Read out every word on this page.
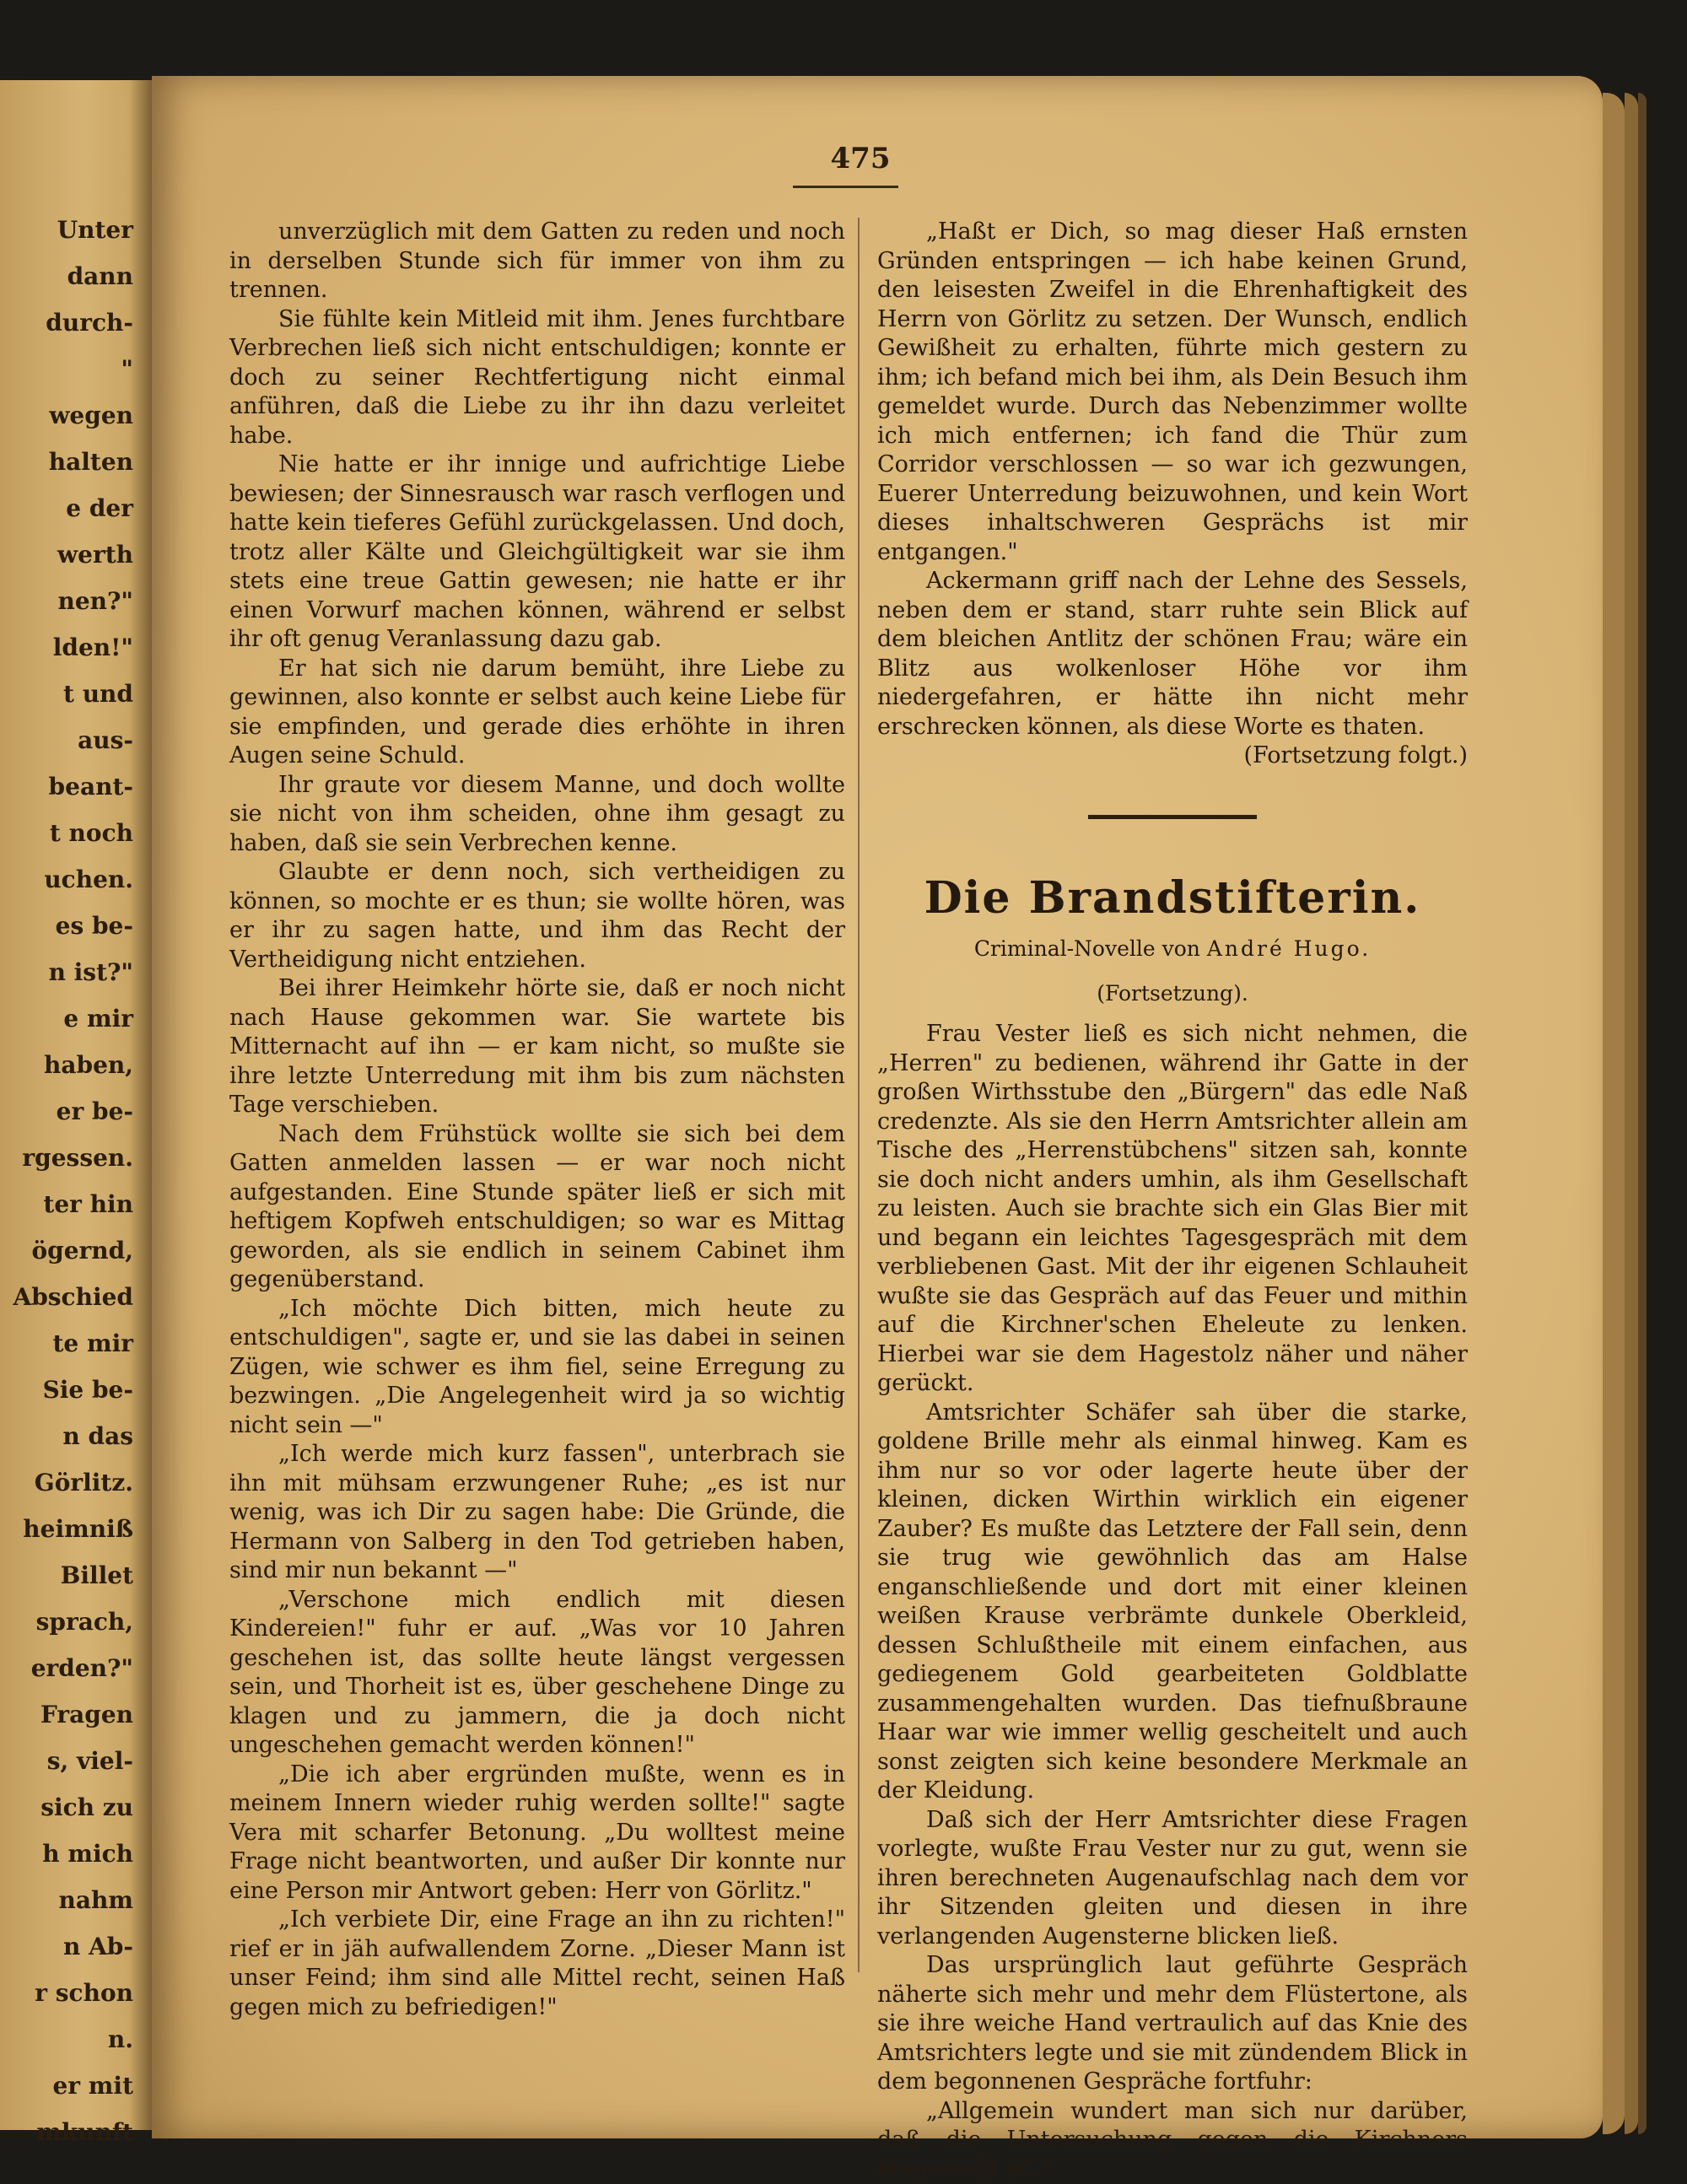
Unter
dann
durch-
"
wegen
halten
e der
werth
nen?"
lden!"
t und
aus-
beant-
t noch
uchen.
es be-
n ist?"
e mir
haben,
er be-
rgessen.
ter hin
ögernd,
Abschied
te mir
Sie be-
n das
Görlitz.
heimniß
Billet
sprach,
erden?"
Fragen
s, viel-
sich zu
h mich
nahm
n Ab-
r schon
n.
er mit
mkunft
475

unverzüglich mit dem Gatten zu reden und noch in derselben Stunde sich für immer von ihm zu trennen.

Sie fühlte kein Mitleid mit ihm. Jenes furchtbare Verbrechen ließ sich nicht entschuldigen; konnte er doch zu seiner Rechtfertigung nicht einmal anführen, daß die Liebe zu ihr ihn dazu verleitet habe.

Nie hatte er ihr innige und aufrichtige Liebe bewiesen; der Sinnesrausch war rasch verflogen und hatte kein tieferes Gefühl zurückgelassen. Und doch, trotz aller Kälte und Gleichgültigkeit war sie ihm stets eine treue Gattin gewesen; nie hatte er ihr einen Vorwurf machen können, während er selbst ihr oft genug Veranlassung dazu gab.

Er hat sich nie darum bemüht, ihre Liebe zu gewinnen, also konnte er selbst auch keine Liebe für sie empfinden, und gerade dies erhöhte in ihren Augen seine Schuld.

Ihr graute vor diesem Manne, und doch wollte sie nicht von ihm scheiden, ohne ihm gesagt zu haben, daß sie sein Verbrechen kenne.

Glaubte er denn noch, sich vertheidigen zu können, so mochte er es thun; sie wollte hören, was er ihr zu sagen hatte, und ihm das Recht der Vertheidigung nicht entziehen.

Bei ihrer Heimkehr hörte sie, daß er noch nicht nach Hause gekommen war. Sie wartete bis Mitternacht auf ihn — er kam nicht, so mußte sie ihre letzte Unterredung mit ihm bis zum nächsten Tage verschieben.

Nach dem Frühstück wollte sie sich bei dem Gatten anmelden lassen — er war noch nicht aufgestanden. Eine Stunde später ließ er sich mit heftigem Kopfweh entschuldigen; so war es Mittag geworden, als sie endlich in seinem Cabinet ihm gegenüberstand.

„Ich möchte Dich bitten, mich heute zu entschuldigen", sagte er, und sie las dabei in seinen Zügen, wie schwer es ihm fiel, seine Erregung zu bezwingen. „Die Angelegenheit wird ja so wichtig nicht sein —"

„Ich werde mich kurz fassen", unterbrach sie ihn mit mühsam erzwungener Ruhe; „es ist nur wenig, was ich Dir zu sagen habe: Die Gründe, die Hermann von Salberg in den Tod getrieben haben, sind mir nun bekannt —"

„Verschone mich endlich mit diesen Kindereien!" fuhr er auf. „Was vor 10 Jahren geschehen ist, das sollte heute längst vergessen sein, und Thorheit ist es, über geschehene Dinge zu klagen und zu jammern, die ja doch nicht ungeschehen gemacht werden können!"

„Die ich aber ergründen mußte, wenn es in meinem Innern wieder ruhig werden sollte!" sagte Vera mit scharfer Betonung. „Du wolltest meine Frage nicht beantworten, und außer Dir konnte nur eine Person mir Antwort geben: Herr von Görlitz."

„Ich verbiete Dir, eine Frage an ihn zu richten!" rief er in jäh aufwallendem Zorne. „Dieser Mann ist unser Feind; ihm sind alle Mittel recht, seinen Haß gegen mich zu befriedigen!"

„Haßt er Dich, so mag dieser Haß ernsten Gründen entspringen — ich habe keinen Grund, den leisesten Zweifel in die Ehrenhaftigkeit des Herrn von Görlitz zu setzen. Der Wunsch, endlich Gewißheit zu erhalten, führte mich gestern zu ihm; ich befand mich bei ihm, als Dein Besuch ihm gemeldet wurde. Durch das Nebenzimmer wollte ich mich entfernen; ich fand die Thür zum Corridor verschlossen — so war ich gezwungen, Euerer Unterredung beizuwohnen, und kein Wort dieses inhaltschweren Gesprächs ist mir entgangen."

Ackermann griff nach der Lehne des Sessels, neben dem er stand, starr ruhte sein Blick auf dem bleichen Antlitz der schönen Frau; wäre ein Blitz aus wolkenloser Höhe vor ihm niedergefahren, er hätte ihn nicht mehr erschrecken können, als diese Worte es thaten.

(Fortsetzung folgt.)

Die Brandstifterin.
Criminal-Novelle von André Hugo.
(Fortsetzung).

Frau Vester ließ es sich nicht nehmen, die „Herren" zu bedienen, während ihr Gatte in der großen Wirthsstube den „Bürgern" das edle Naß credenzte. Als sie den Herrn Amtsrichter allein am Tische des „Herrenstübchens" sitzen sah, konnte sie doch nicht anders umhin, als ihm Gesellschaft zu leisten. Auch sie brachte sich ein Glas Bier mit und begann ein leichtes Tagesgespräch mit dem verbliebenen Gast. Mit der ihr eigenen Schlauheit wußte sie das Gespräch auf das Feuer und mithin auf die Kirchner'schen Eheleute zu lenken. Hierbei war sie dem Hagestolz näher und näher gerückt.

Amtsrichter Schäfer sah über die starke, goldene Brille mehr als einmal hinweg. Kam es ihm nur so vor oder lagerte heute über der kleinen, dicken Wirthin wirklich ein eigener Zauber? Es mußte das Letztere der Fall sein, denn sie trug wie gewöhnlich das am Halse enganschließende und dort mit einer kleinen weißen Krause verbrämte dunkele Oberkleid, dessen Schlußtheile mit einem einfachen, aus gediegenem Gold gearbeiteten Goldblatte zusammengehalten wurden. Das tiefnußbraune Haar war wie immer wellig gescheitelt und auch sonst zeigten sich keine besondere Merkmale an der Kleidung.

Daß sich der Herr Amtsrichter diese Fragen vorlegte, wußte Frau Vester nur zu gut, wenn sie ihren berechneten Augenaufschlag nach dem vor ihr Sitzenden gleiten und diesen in ihre verlangenden Augensterne blicken ließ.

Das ursprünglich laut geführte Gespräch näherte sich mehr und mehr dem Flüstertone, als sie ihre weiche Hand vertraulich auf das Knie des Amtsrichters legte und sie mit zündendem Blick in dem begonnenen Gespräche fortfuhr:

„Allgemein wundert man sich nur darüber, daß die Untersuchung gegen die Kirchners eingestellt ist."
